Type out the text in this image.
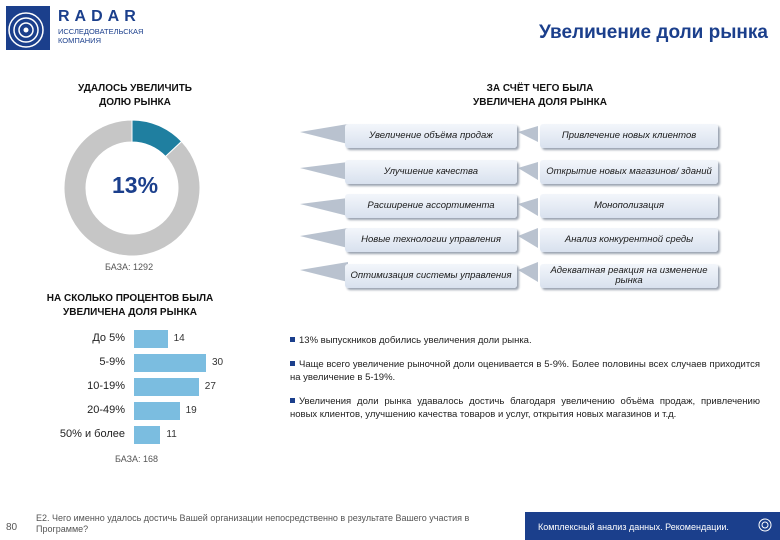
RADAR
ИССЛЕДОВАТЕЛЬСКАЯ КОМПАНИЯ	Увеличение доли рынка
УДАЛОСЬ УВЕЛИЧИТЬ
ДОЛЮ РЫНКА
13%
БАЗА: 1292
ЗА СЧЁТ ЧЕГО БЫЛА
УВЕЛИЧЕНА ДОЛЯ РЫНКА
Увеличение объёма продаж
Улучшение качества
Расширение ассортимента
Новые технологии управления
Оптимизация системы управления
Привлечение новых клиентов
Открытие новых магазинов/ зданий
Монополизация
Анализ конкурентной среды
Адекватная реакция на изменение рынка
НА СКОЛЬКО ПРОЦЕНТОВ БЫЛА
УВЕЛИЧЕНА ДОЛЯ РЫНКА
До 5%	14
5-9%	30
10-19%	27
20-49%	19
50% и более	11
БАЗА: 168
13% выпускников добились увеличения доли рынка.
Чаще всего увеличение рыночной доли оценивается в 5-9%. Более половины всех случаев приходится на увеличение в 5-19%.
Увеличения доли рынка удавалось достичь благодаря увеличению объёма продаж, привлечению новых клиентов, улучшению качества товаров и услуг, открытия новых магазинов и т.д.
80
E2. Чего именно удалось достичь Вашей организации непосредственно в результате Вашего участия в Программе?	Комплексный анализ данных. Рекомендации.
